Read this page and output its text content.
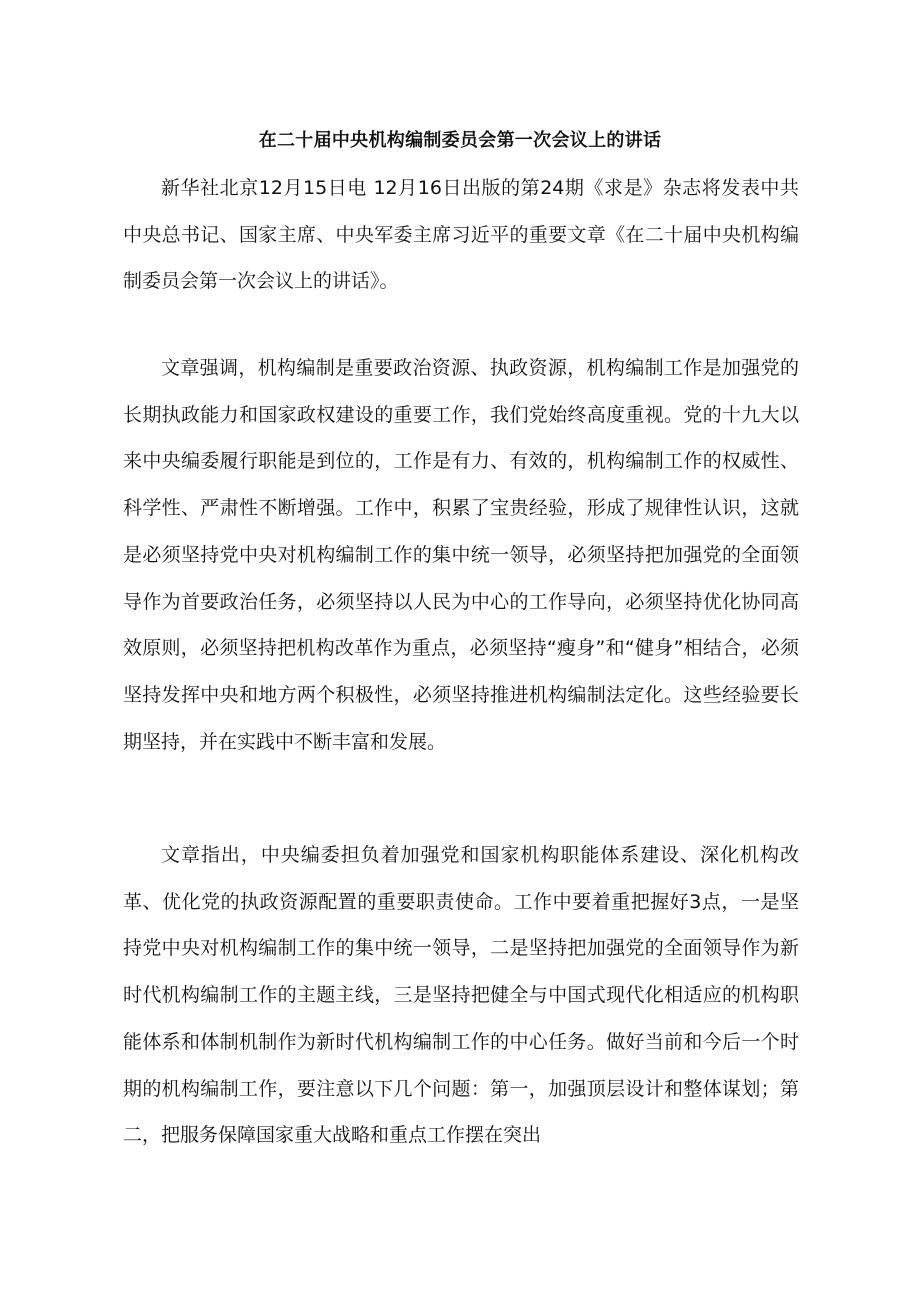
在二十届中央机构编制委员会第一次会议上的讲话

新华社北京12月15日电 12月16日出版的第24期《求是》杂志将发表中共中央总书记、国家主席、中央军委主席习近平的重要文章《在二十届中央机构编制委员会第一次会议上的讲话》。

文章强调，机构编制是重要政治资源、执政资源，机构编制工作是加强党的长期执政能力和国家政权建设的重要工作，我们党始终高度重视。党的十九大以来中央编委履行职能是到位的，工作是有力、有效的，机构编制工作的权威性、科学性、严肃性不断增强。工作中，积累了宝贵经验，形成了规律性认识，这就是必须坚持党中央对机构编制工作的集中统一领导，必须坚持把加强党的全面领导作为首要政治任务，必须坚持以人民为中心的工作导向，必须坚持优化协同高效原则，必须坚持把机构改革作为重点，必须坚持“瘦身”和“健身”相结合，必须坚持发挥中央和地方两个积极性，必须坚持推进机构编制法定化。这些经验要长期坚持，并在实践中不断丰富和发展。

文章指出，中央编委担负着加强党和国家机构职能体系建设、深化机构改革、优化党的执政资源配置的重要职责使命。工作中要着重把握好3点，一是坚持党中央对机构编制工作的集中统一领导，二是坚持把加强党的全面领导作为新时代机构编制工作的主题主线，三是坚持把健全与中国式现代化相适应的机构职能体系和体制机制作为新时代机构编制工作的中心任务。做好当前和今后一个时期的机构编制工作，要注意以下几个问题：第一，加强顶层设计和整体谋划；第二，把服务保障国家重大战略和重点工作摆在突出
